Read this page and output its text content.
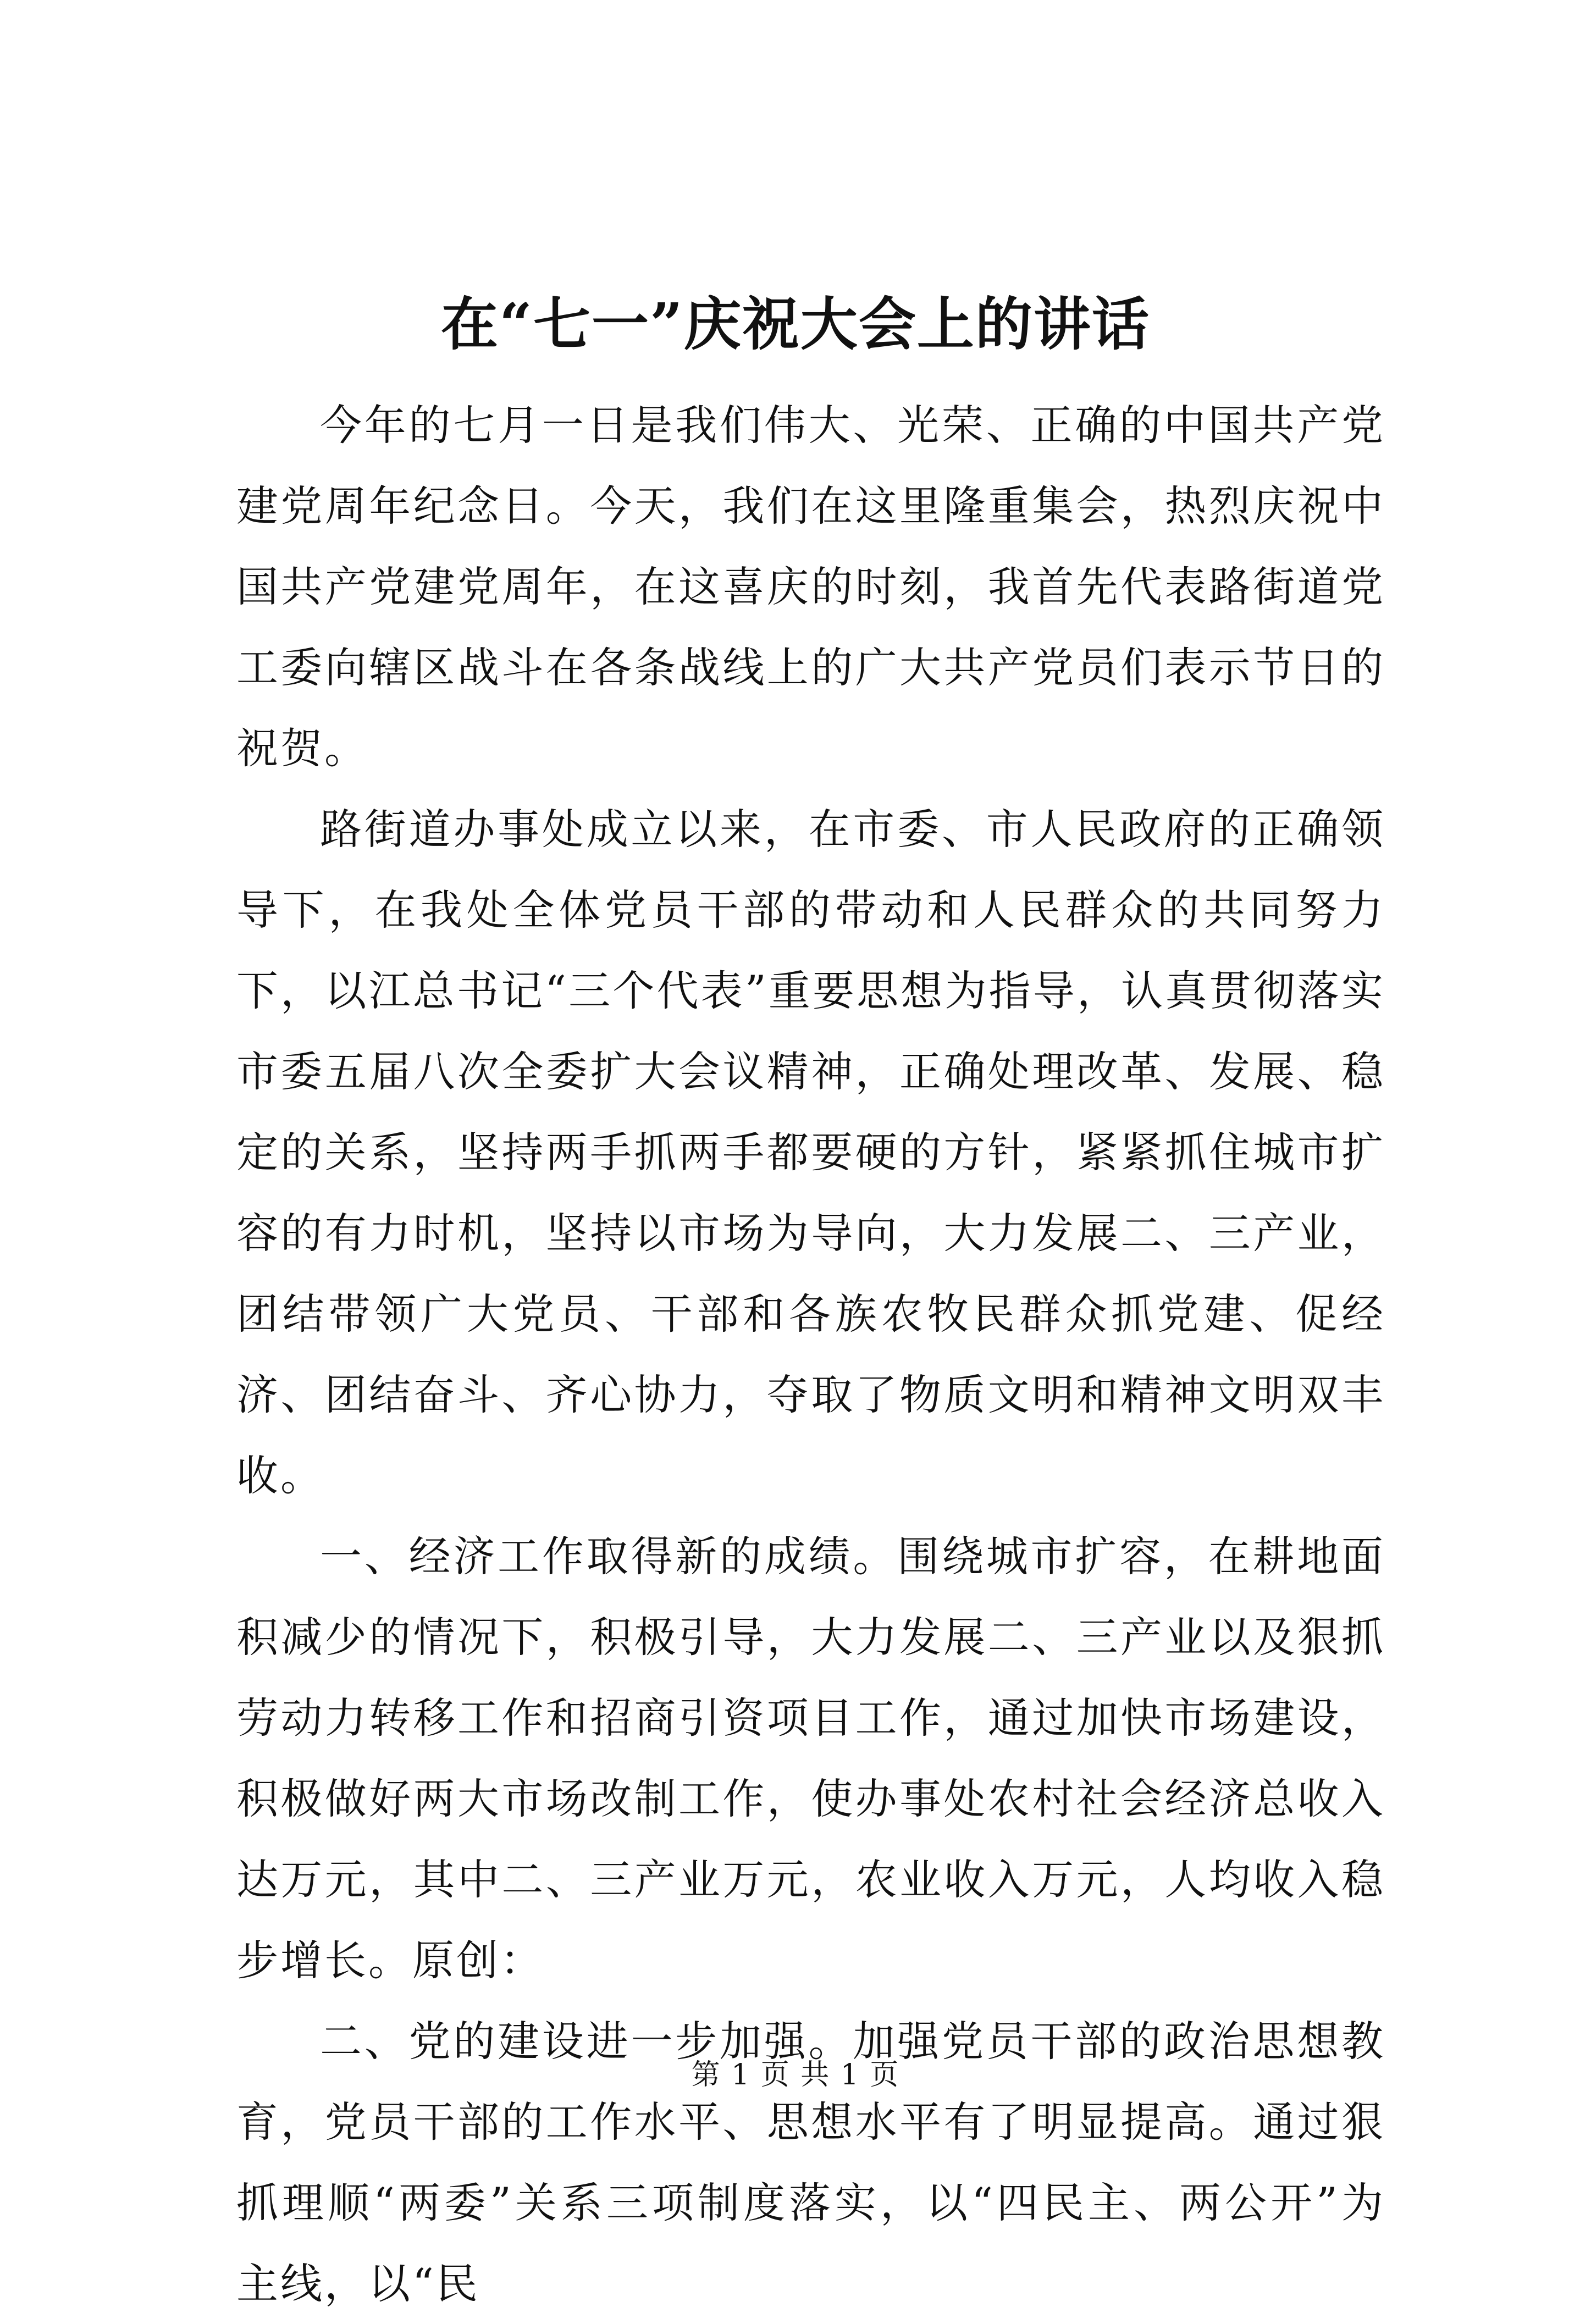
在“七一”庆祝大会上的讲话

今年的七月一日是我们伟大、光荣、正确的中国共产党建党周年纪念日。今天，我们在这里隆重集会，热烈庆祝中国共产党建党周年，在这喜庆的时刻，我首先代表路街道党工委向辖区战斗在各条战线上的广大共产党员们表示节日的祝贺。

路街道办事处成立以来，在市委、市人民政府的正确领导下，在我处全体党员干部的带动和人民群众的共同努力下，以江总书记“三个代表”重要思想为指导，认真贯彻落实市委五届八次全委扩大会议精神，正确处理改革、发展、稳定的关系，坚持两手抓两手都要硬的方针，紧紧抓住城市扩容的有力时机，坚持以市场为导向，大力发展二、三产业，团结带领广大党员、干部和各族农牧民群众抓党建、促经济、团结奋斗、齐心协力，夺取了物质文明和精神文明双丰收。

一、经济工作取得新的成绩。围绕城市扩容，在耕地面积减少的情况下，积极引导，大力发展二、三产业以及狠抓劳动力转移工作和招商引资项目工作，通过加快市场建设，积极做好两大市场改制工作，使办事处农村社会经济总收入达万元，其中二、三产业万元，农业收入万元，人均收入稳步增长。原创：

二、党的建设进一步加强。加强党员干部的政治思想教育，党员干部的工作水平、思想水平有了明显提高。通过狠抓理顺“两委”关系三项制度落实，以“四民主、两公开”为主线，以“民

第 1 页 共 1 页
